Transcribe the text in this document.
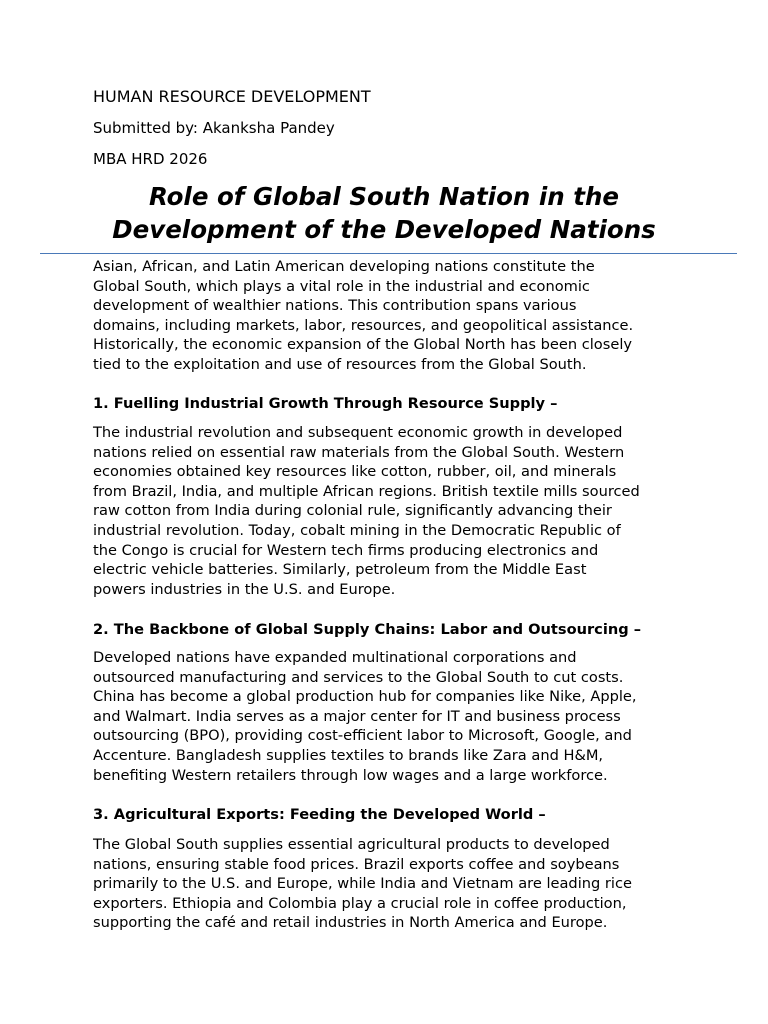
HUMAN RESOURCE DEVELOPMENT
Submitted by: Akanksha Pandey
MBA HRD 2026
Role of Global South Nation in the
Development of the Developed Nations

Asian, African, and Latin American developing nations constitute the
Global South, which plays a vital role in the industrial and economic
development of wealthier nations. This contribution spans various
domains, including markets, labor, resources, and geopolitical assistance.
Historically, the economic expansion of the Global North has been closely
tied to the exploitation and use of resources from the Global South.

1. Fuelling Industrial Growth Through Resource Supply –

The industrial revolution and subsequent economic growth in developed
nations relied on essential raw materials from the Global South. Western
economies obtained key resources like cotton, rubber, oil, and minerals
from Brazil, India, and multiple African regions. British textile mills sourced
raw cotton from India during colonial rule, significantly advancing their
industrial revolution. Today, cobalt mining in the Democratic Republic of
the Congo is crucial for Western tech firms producing electronics and
electric vehicle batteries. Similarly, petroleum from the Middle East
powers industries in the U.S. and Europe.

2. The Backbone of Global Supply Chains: Labor and Outsourcing –

Developed nations have expanded multinational corporations and
outsourced manufacturing and services to the Global South to cut costs.
China has become a global production hub for companies like Nike, Apple,
and Walmart. India serves as a major center for IT and business process
outsourcing (BPO), providing cost-efficient labor to Microsoft, Google, and
Accenture. Bangladesh supplies textiles to brands like Zara and H&M,
benefiting Western retailers through low wages and a large workforce.

3. Agricultural Exports: Feeding the Developed World –

The Global South supplies essential agricultural products to developed
nations, ensuring stable food prices. Brazil exports coffee and soybeans
primarily to the U.S. and Europe, while India and Vietnam are leading rice
exporters. Ethiopia and Colombia play a crucial role in coffee production,
supporting the café and retail industries in North America and Europe.
